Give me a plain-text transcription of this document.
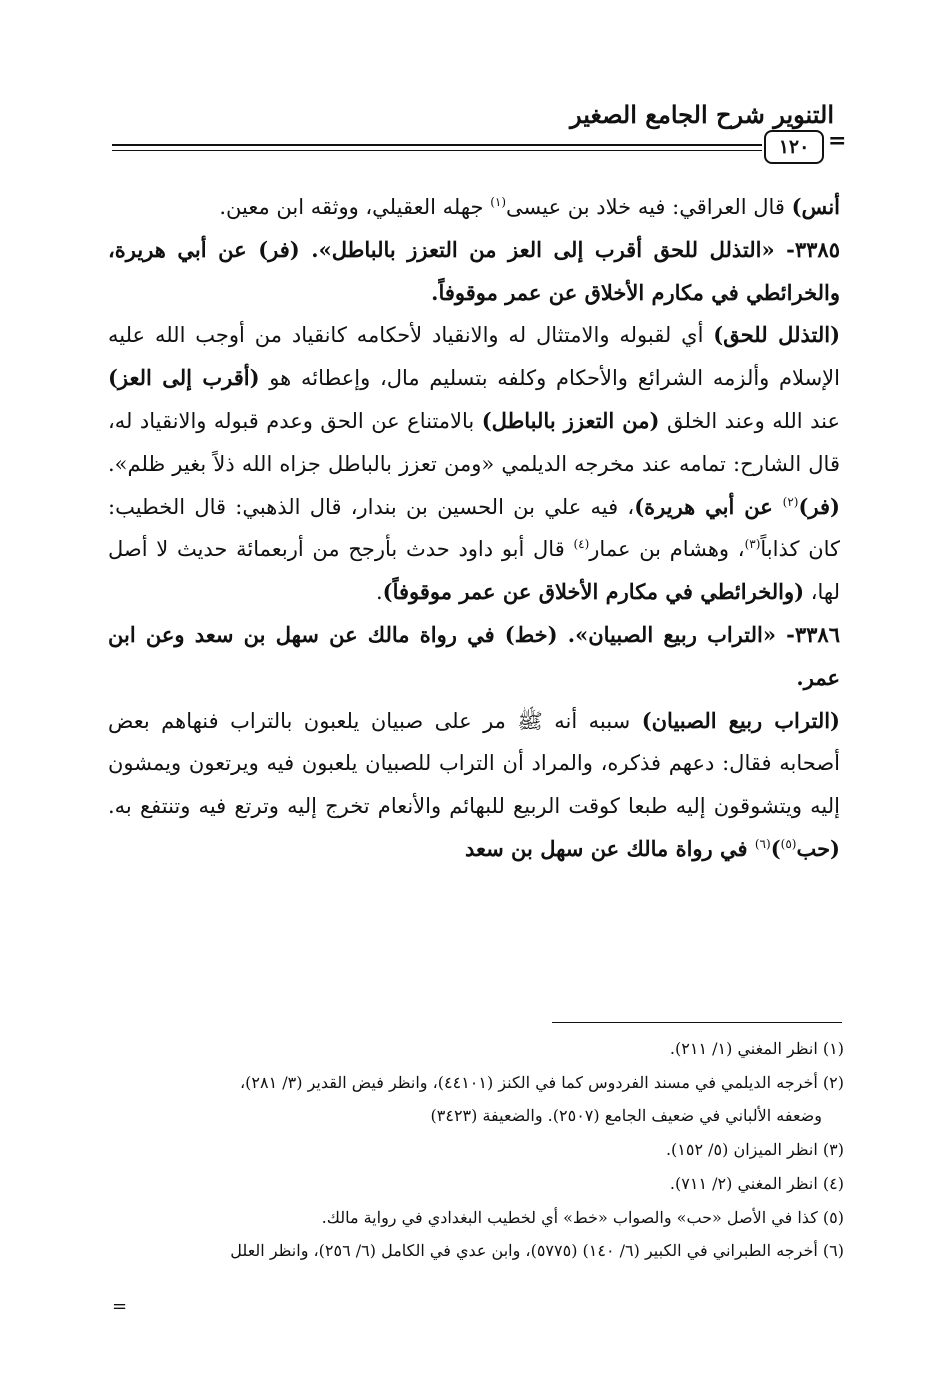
التنوير شرح الجامع الصغير
١٢٠ =

أنس) قال العراقي: فيه خلاد بن عيسى$^{(١)}$ جهله العقيلي، ووثقه ابن معين.

٣٣٨٥- «التذلل للحق أقرب إلى العز من التعزز بالباطل». (فر) عن أبي هريرة، والخرائطي في مكارم الأخلاق عن عمر موقوفاً.

(التذلل للحق) أي لقبوله والامتثال له والانقياد لأحكامه كانقياد من أوجب الله عليه الإسلام وألزمه الشرائع والأحكام وكلفه بتسليم مال، وإعطائه هو (أقرب إلى العز) عند الله وعند الخلق (من التعزز بالباطل) بالامتناع عن الحق وعدم قبوله والانقياد له، قال الشارح: تمامه عند مخرجه الديلمي «ومن تعزز بالباطل جزاه الله ذلاً بغير ظلم». (فر)$^{(٢)}$ عن أبي هريرة)، فيه علي بن الحسين بن بندار، قال الذهبي: قال الخطيب: كان كذاباً$^{(٣)}$، وهشام بن عمار$^{(٤)}$ قال أبو داود حدث بأرجح من أربعمائة حديث لا أصل لها، (والخرائطي في مكارم الأخلاق عن عمر موقوفاً).

٣٣٨٦- «التراب ربيع الصبيان». (خط) في رواة مالك عن سهل بن سعد وعن ابن عمر.

(التراب ربيع الصبيان) سببه أنه ﷺ مر على صبيان يلعبون بالتراب فنهاهم بعض أصحابه فقال: دعهم فذكره، والمراد أن التراب للصبيان يلعبون فيه ويرتعون ويمشون إليه ويتشوقون إليه طبعا كوقت الربيع للبهائم والأنعام تخرج إليه وترتع فيه وتنتفع به. (حب$^{(٥)}$)$^{(٦)}$ في رواة مالك عن سهل بن سعد

(١) انظر المغني (١/ ٢١١).

(٢) أخرجه الديلمي في مسند الفردوس كما في الكنز (٤٤١٠١)، وانظر فيض القدير (٣/ ٢٨١)،

وضعفه الألباني في ضعيف الجامع (٢٥٠٧). والضعيفة (٣٤٢٣)

(٣) انظر الميزان (٥/ ١٥٢).

(٤) انظر المغني (٢/ ٧١١).

(٥) كذا في الأصل «حب» والصواب «خط» أي لخطيب البغدادي في رواية مالك.

(٦) أخرجه الطبراني في الكبير (٦/ ١٤٠) (٥٧٧٥)، وابن عدي في الكامل (٦/ ٢٥٦)، وانظر العلل

=
